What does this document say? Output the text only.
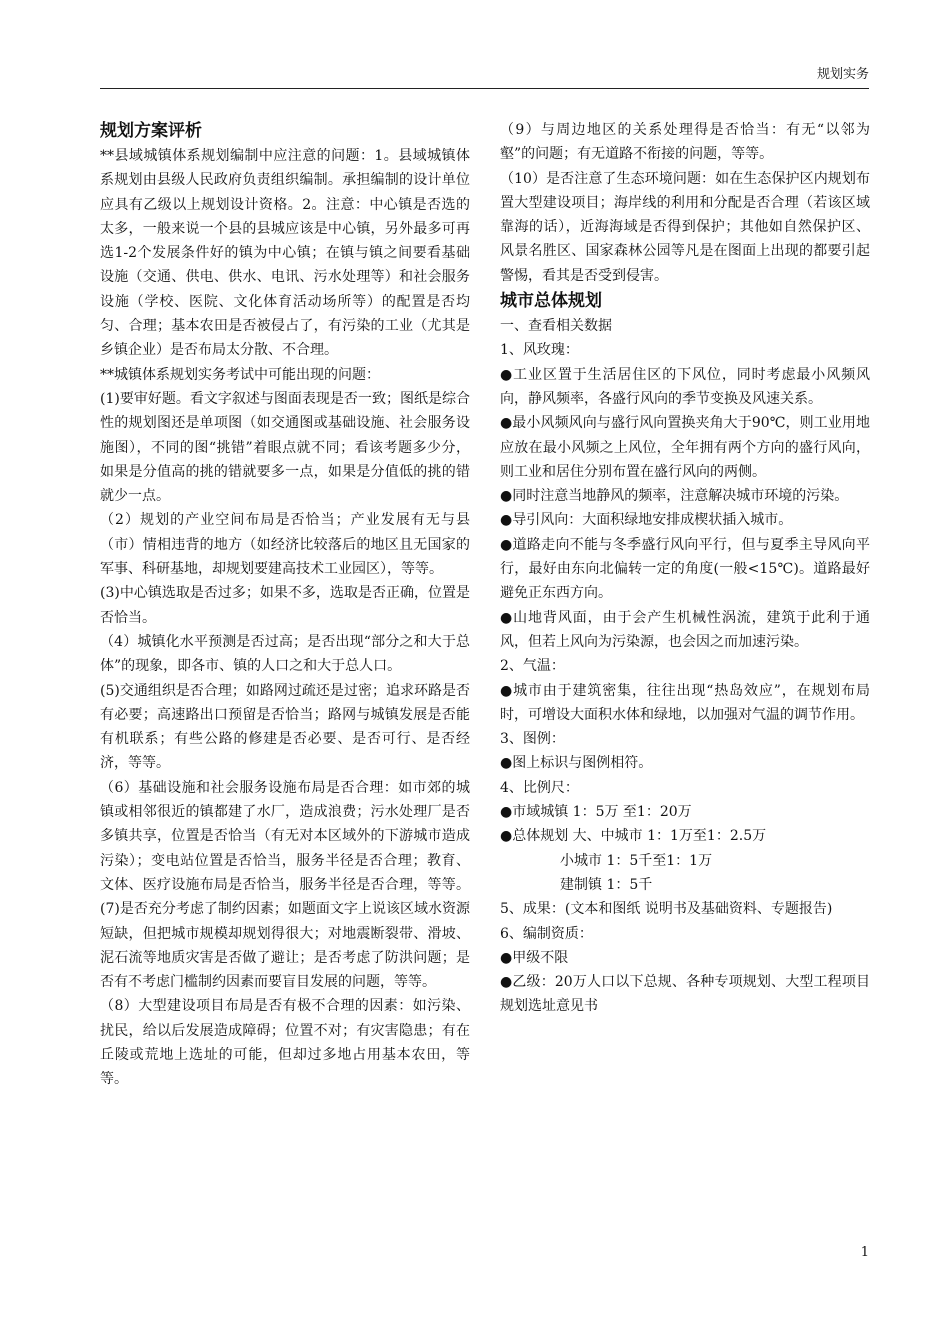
规划实务

规划方案评析

**县域城镇体系规划编制中应注意的问题：1。县域城镇体系规划由县级人民政府负责组织编制。承担编制的设计单位应具有乙级以上规划设计资格。2。注意：中心镇是否选的太多，一般来说一个县的县城应该是中心镇，另外最多可再选1-2个发展条件好的镇为中心镇；在镇与镇之间要看基础设施（交通、供电、供水、电讯、污水处理等）和社会服务设施（学校、医院、文化体育活动场所等）的配置是否均匀、合理；基本农田是否被侵占了，有污染的工业（尤其是乡镇企业）是否布局太分散、不合理。

**城镇体系规划实务考试中可能出现的问题：

(1)要审好题。看文字叙述与图面表现是否一致；图纸是综合性的规划图还是单项图（如交通图或基础设施、社会服务设施图），不同的图“挑错”着眼点就不同；看该考题多少分，如果是分值高的挑的错就要多一点，如果是分值低的挑的错就少一点。

（2）规划的产业空间布局是否恰当；产业发展有无与县（市）情相违背的地方（如经济比较落后的地区且无国家的军事、科研基地，却规划要建高技术工业园区），等等。

(3)中心镇选取是否过多；如果不多，选取是否正确，位置是否恰当。

（4）城镇化水平预测是否过高；是否出现“部分之和大于总体”的现象，即各市、镇的人口之和大于总人口。

(5)交通组织是否合理；如路网过疏还是过密；追求环路是否有必要；高速路出口预留是否恰当；路网与城镇发展是否能有机联系；有些公路的修建是否必要、是否可行、是否经济，等等。

（6）基础设施和社会服务设施布局是否合理：如市郊的城镇或相邻很近的镇都建了水厂，造成浪费；污水处理厂是否多镇共享，位置是否恰当（有无对本区域外的下游城市造成污染）；变电站位置是否恰当，服务半径是否合理；教育、文体、医疗设施布局是否恰当，服务半径是否合理，等等。(7)是否充分考虑了制约因素；如题面文字上说该区域水资源短缺，但把城市规模却规划得很大；对地震断裂带、滑坡、泥石流等地质灾害是否做了避让；是否考虑了防洪问题；是否有不考虑门槛制约因素而要盲目发展的问题，等等。

（8）大型建设项目布局是否有极不合理的因素：如污染、扰民，给以后发展造成障碍；位置不对；有灾害隐患；有在丘陵或荒地上选址的可能，但却过多地占用基本农田，等等。

（9）与周边地区的关系处理得是否恰当：有无“以邻为壑”的问题；有无道路不衔接的问题，等等。

（10）是否注意了生态环境问题：如在生态保护区内规划布置大型建设项目；海岸线的利用和分配是否合理（若该区域靠海的话），近海海域是否得到保护；其他如自然保护区、风景名胜区、国家森林公园等凡是在图面上出现的都要引起警惕，看其是否受到侵害。

城市总体规划

一、查看相关数据

1、风玫瑰：

●工业区置于生活居住区的下风位，同时考虑最小风频风向，静风频率，各盛行风向的季节变换及风速关系。

●最小风频风向与盛行风向置换夹角大于90℃，则工业用地应放在最小风频之上风位，全年拥有两个方向的盛行风向，则工业和居住分别布置在盛行风向的两侧。

●同时注意当地静风的频率，注意解决城市环境的污染。

●导引风向：大面积绿地安排成楔状插入城市。

●道路走向不能与冬季盛行风向平行，但与夏季主导风向平行，最好由东向北偏转一定的角度(一般<15℃)。道路最好避免正东西方向。

●山地背风面，由于会产生机械性涡流，建筑于此利于通风，但若上风向为污染源，也会因之而加速污染。

2、气温：

●城市由于建筑密集，往往出现“热岛效应”，在规划布局时，可增设大面积水体和绿地，以加强对气温的调节作用。

3、图例：

●图上标识与图例相符。

4、比例尺：

●市域城镇 1：5万 至1：20万

●总体规划 大、中城市 1：1万至1：2.5万

小城市 1：5千至1：1万

建制镇 1：5千

5、成果：(文本和图纸 说明书及基础资料、专题报告)

6、编制资质：

●甲级不限

●乙级：20万人口以下总规、各种专项规划、大型工程项目规划选址意见书

1
